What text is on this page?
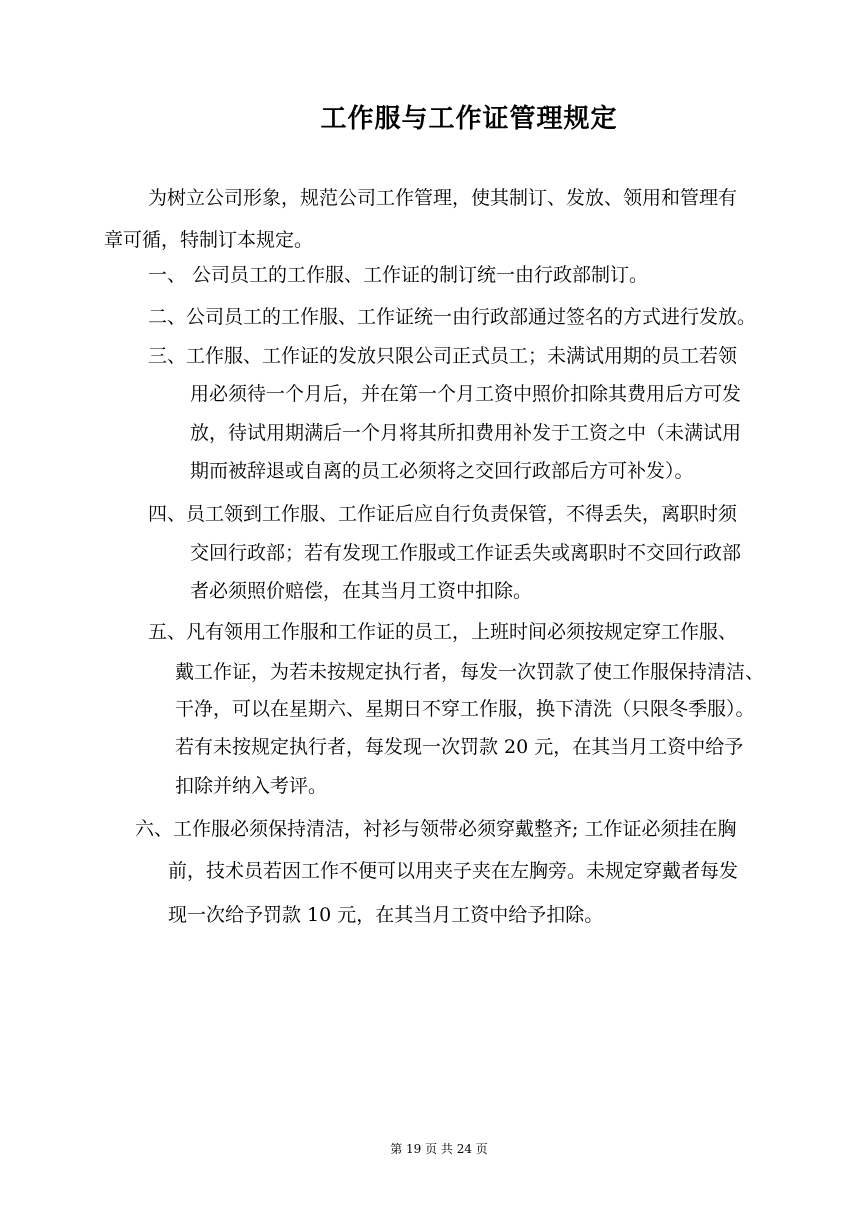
工作服与工作证管理规定
为树立公司形象，规范公司工作管理，使其制订、发放、领用和管理有
章可循，特制订本规定。
一、 公司员工的工作服、工作证的制订统一由行政部制订。
二、公司员工的工作服、工作证统一由行政部通过签名的方式进行发放。
三、工作服、工作证的发放只限公司正式员工；未满试用期的员工若领
用必须待一个月后，并在第一个月工资中照价扣除其费用后方可发
放，待试用期满后一个月将其所扣费用补发于工资之中（未满试用
期而被辞退或自离的员工必须将之交回行政部后方可补发）。
四、员工领到工作服、工作证后应自行负责保管，不得丢失，离职时须
交回行政部；若有发现工作服或工作证丢失或离职时不交回行政部
者必须照价赔偿，在其当月工资中扣除。
五、凡有领用工作服和工作证的员工，上班时间必须按规定穿工作服、
戴工作证，为若未按规定执行者，每发一次罚款了使工作服保持清洁、
干净，可以在星期六、星期日不穿工作服，换下清洗（只限冬季服）。
若有未按规定执行者，每发现一次罚款 20 元，在其当月工资中给予
扣除并纳入考评。
六、工作服必须保持清洁，衬衫与领带必须穿戴整齐; 工作证必须挂在胸
前，技术员若因工作不便可以用夹子夹在左胸旁。未规定穿戴者每发
现一次给予罚款 10 元，在其当月工资中给予扣除。
第 19 页 共 24 页
